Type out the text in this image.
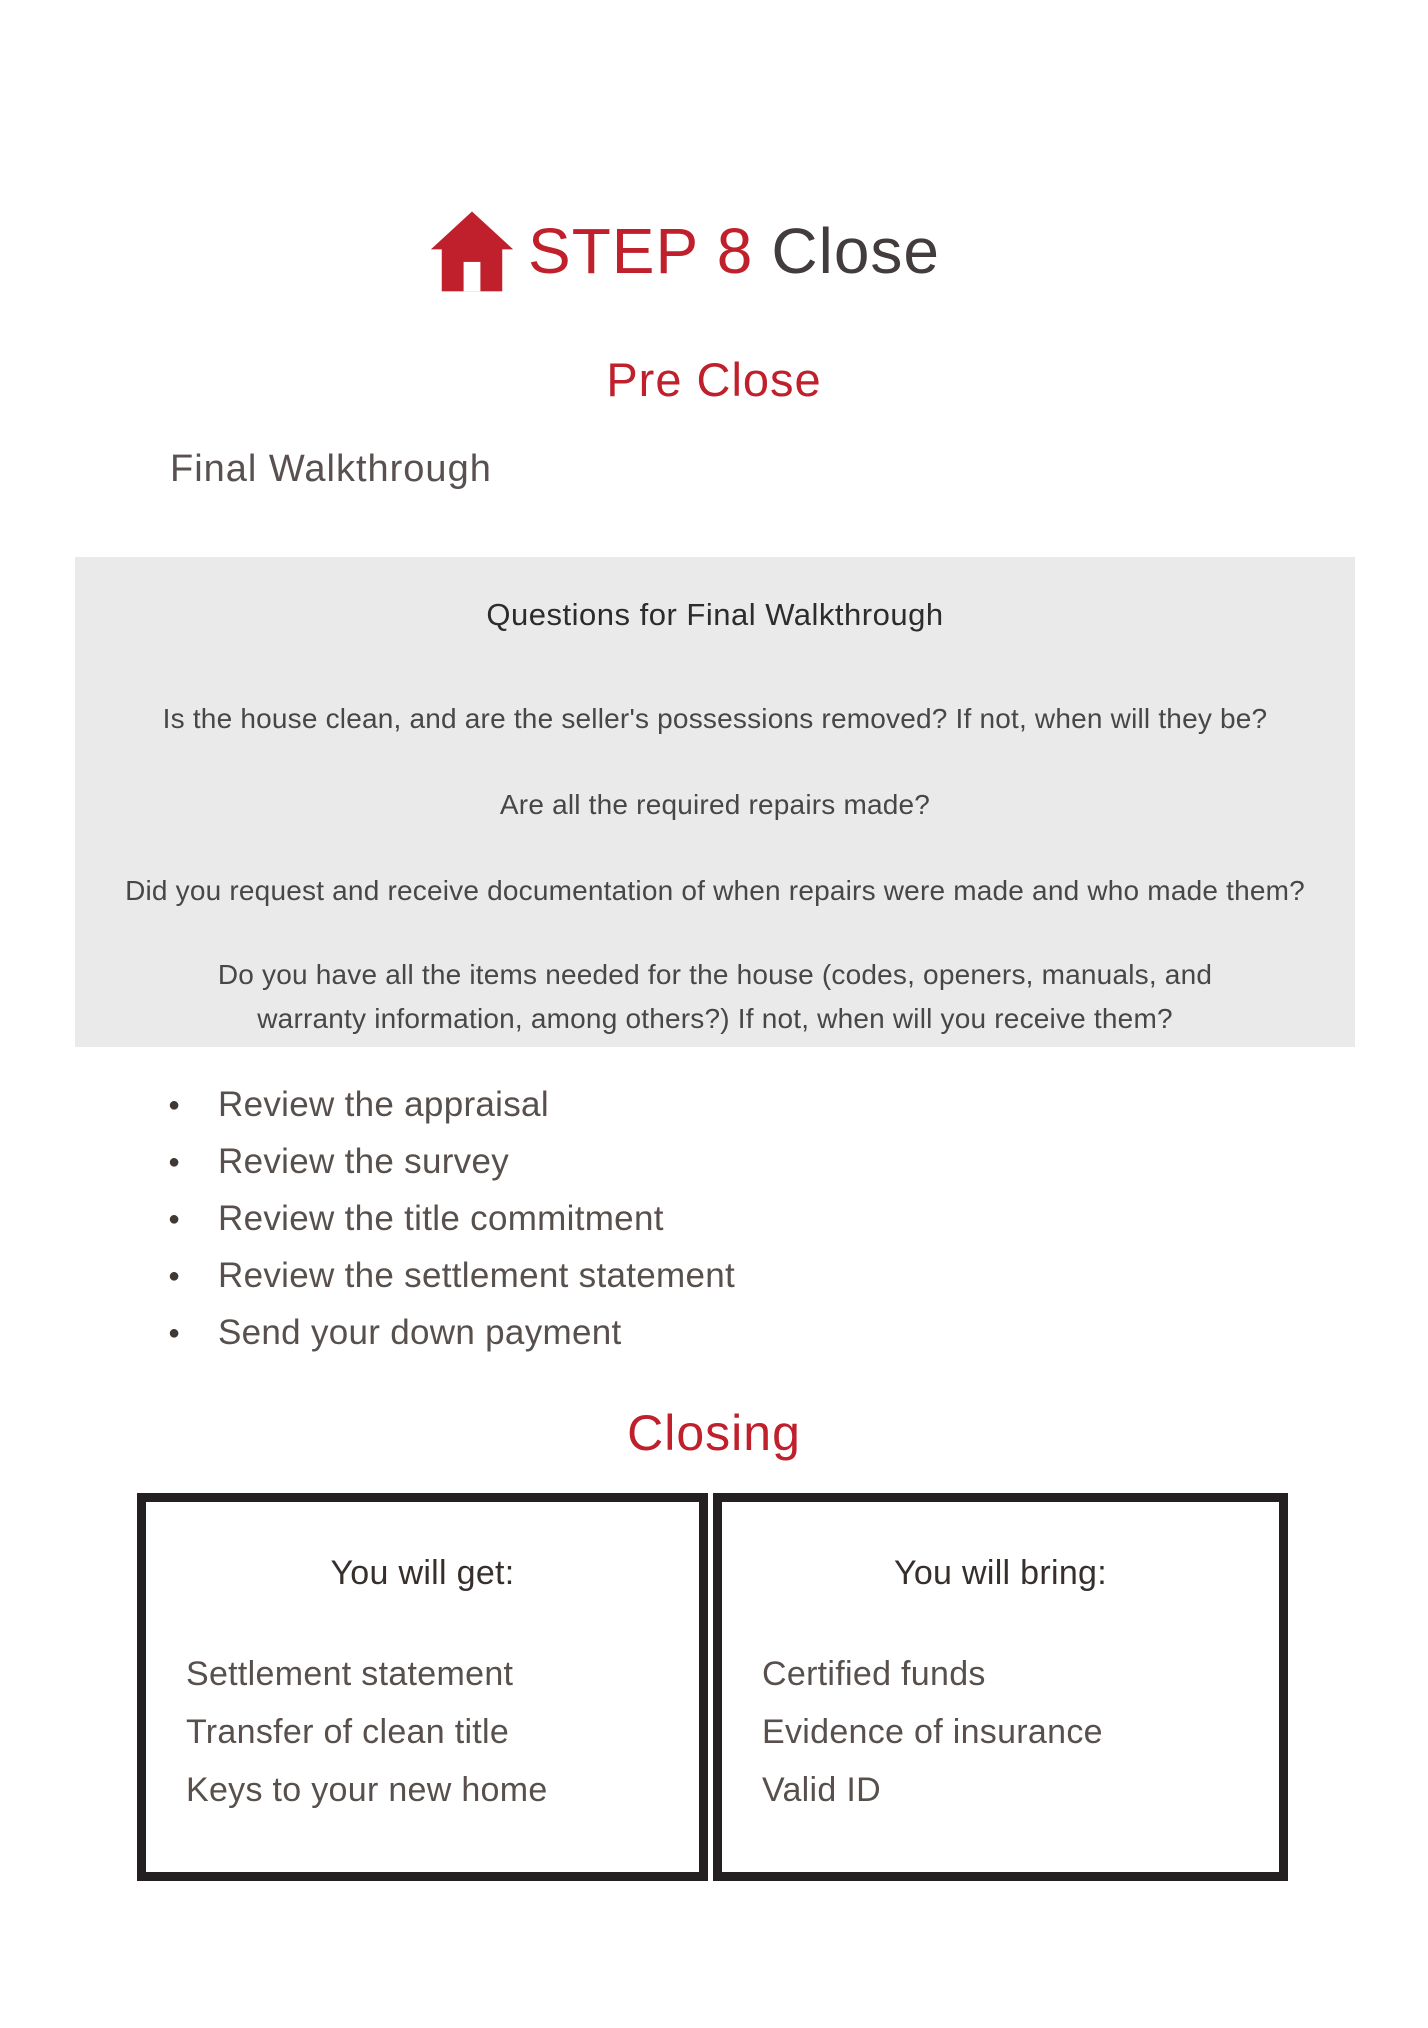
STEP 8 Close
Pre Close
Final Walkthrough
Questions for Final Walkthrough

Is the house clean, and are the seller's possessions removed? If not, when will they be?

Are all the required repairs made?

Did you request and receive documentation of when repairs were made and who made them?

Do you have all the items needed for the house (codes, openers, manuals, and warranty information, among others?) If not, when will you receive them?

●	Review the appraisal
●	Review the survey
●	Review the title commitment
●	Review the settlement statement
●	Send your down payment
Closing
You will get:
Settlement statement
Transfer of clean title
Keys to your new home
You will bring:
Certified funds
Evidence of insurance
Valid ID
